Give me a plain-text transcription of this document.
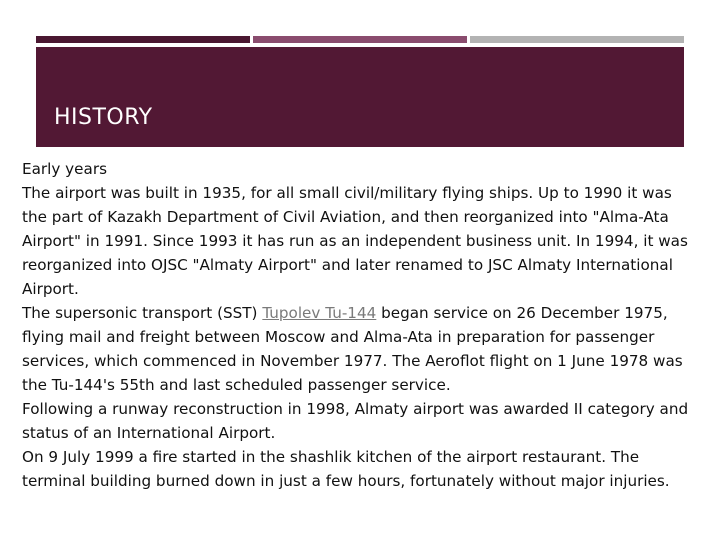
HISTORY

Early years

The airport was built in 1935, for all small civil/military flying ships. Up to 1990 it was the part of Kazakh Department of Civil Aviation, and then reorganized into "Alma-Ata Airport" in 1991. Since 1993 it has run as an independent business unit. In 1994, it was reorganized into OJSC "Almaty Airport" and later renamed to JSC Almaty International Airport.

The supersonic transport (SST) Tupolev Tu-144 began service on 26 December 1975, flying mail and freight between Moscow and Alma-Ata in preparation for passenger services, which commenced in November 1977. The Aeroflot flight on 1 June 1978 was the Tu-144's 55th and last scheduled passenger service.

Following a runway reconstruction in 1998, Almaty airport was awarded II category and status of an International Airport.

On 9 July 1999 a fire started in the shashlik kitchen of the airport restaurant. The terminal building burned down in just a few hours, fortunately without major injuries.
